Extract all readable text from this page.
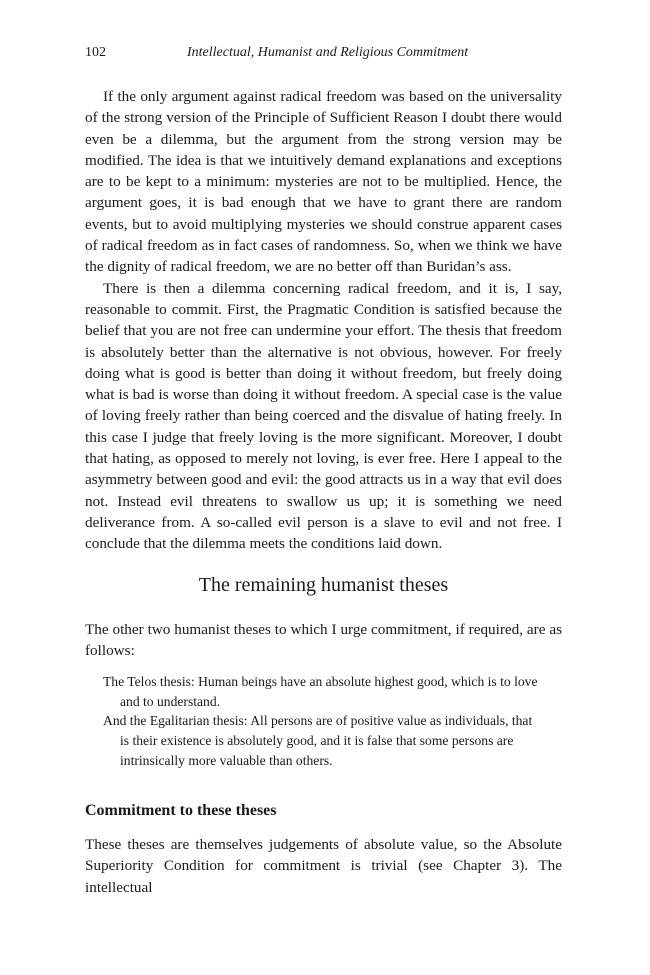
102	Intellectual, Humanist and Religious Commitment

If the only argument against radical freedom was based on the universality of the strong version of the Principle of Sufficient Reason I doubt there would even be a dilemma, but the argument from the strong version may be modified. The idea is that we intuitively demand explanations and exceptions are to be kept to a minimum: mysteries are not to be multiplied. Hence, the argument goes, it is bad enough that we have to grant there are random events, but to avoid multiplying mysteries we should construe apparent cases of radical freedom as in fact cases of randomness. So, when we think we have the dignity of radical freedom, we are no better off than Buridan’s ass.

There is then a dilemma concerning radical freedom, and it is, I say, reasonable to commit. First, the Pragmatic Condition is satisfied because the belief that you are not free can undermine your effort. The thesis that freedom is absolutely better than the alternative is not obvious, however. For freely doing what is good is better than doing it without freedom, but freely doing what is bad is worse than doing it without freedom. A special case is the value of loving freely rather than being coerced and the disvalue of hating freely. In this case I judge that freely loving is the more significant. Moreover, I doubt that hating, as opposed to merely not loving, is ever free. Here I appeal to the asymmetry between good and evil: the good attracts us in a way that evil does not. Instead evil threatens to swallow us up; it is something we need deliverance from. A so-called evil person is a slave to evil and not free. I conclude that the dilemma meets the conditions laid down.

The remaining humanist theses

The other two humanist theses to which I urge commitment, if required, are as follows:

The Telos thesis: Human beings have an absolute highest good, which is to love and to understand.

And the Egalitarian thesis: All persons are of positive value as individuals, that is their existence is absolutely good, and it is false that some persons are intrinsically more valuable than others.

Commitment to these theses

These theses are themselves judgements of absolute value, so the Absolute Superiority Condition for commitment is trivial (see Chapter 3). The intellectual
